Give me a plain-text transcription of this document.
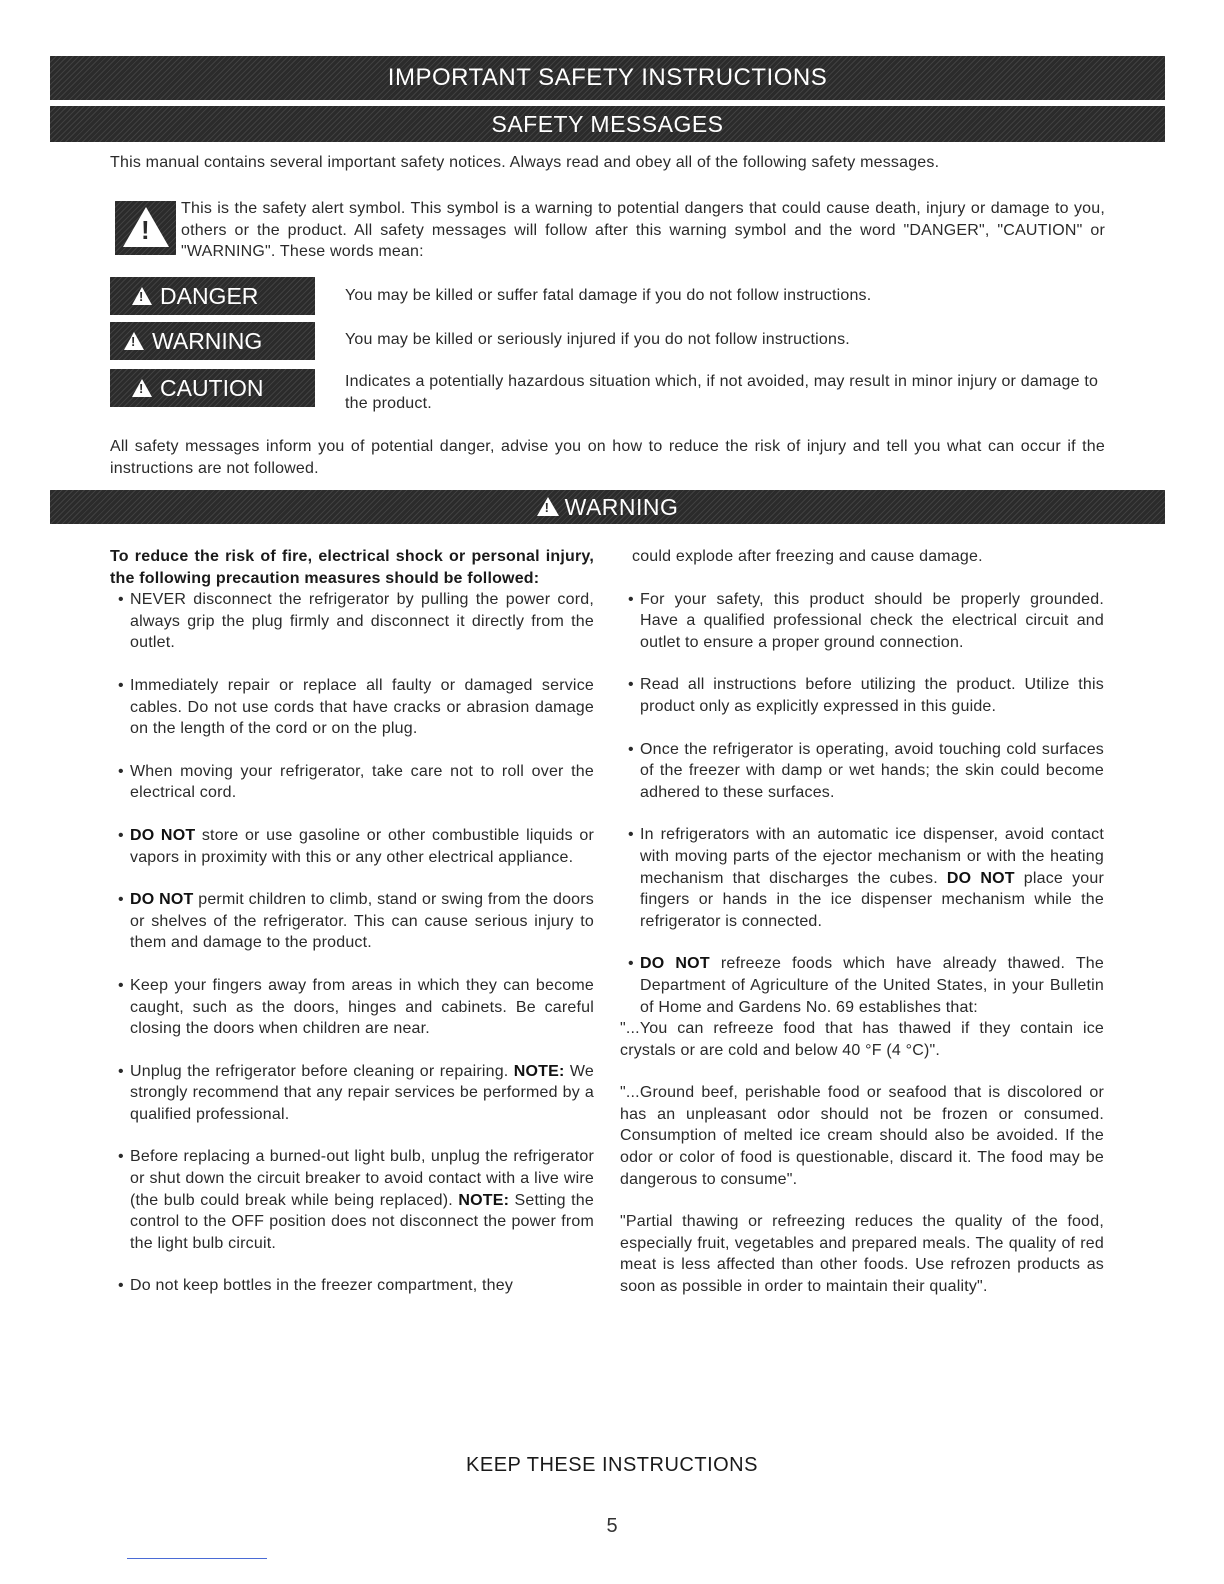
IMPORTANT SAFETY INSTRUCTIONS
SAFETY MESSAGES
This manual contains several important safety notices. Always read and obey all of the following safety messages.
!
This is the safety alert symbol. This symbol is a warning to potential dangers that could cause death, injury or damage to you, others or the product. All safety messages will follow after this warning symbol and the word "DANGER", "CAUTION" or "WARNING". These words mean:
!DANGER	You may be killed or suffer fatal damage if you do not follow instructions.
!WARNING	You may be killed or seriously injured if you do not follow instructions.
!CAUTION	Indicates a potentially hazardous situation which, if not avoided, may result in minor injury or damage to the product.
All safety messages inform you of potential danger, advise you on how to reduce the risk of injury and tell you what can occur if the instructions are not followed.
!WARNING

To reduce the risk of fire, electrical shock or personal injury, the following precaution measures should be followed:

• NEVER disconnect the refrigerator by pulling the power cord, always grip the plug firmly and disconnect it directly from the outlet.

• Immediately repair or replace all faulty or damaged service cables. Do not use cords that have cracks or abrasion damage on the length of the cord or on the plug.

• When moving your refrigerator, take care not to roll over the electrical cord.

• DO NOT store or use gasoline or other combustible liquids or vapors in proximity with this or any other electrical appliance.

• DO NOT permit children to climb, stand or swing from the doors or shelves of the refrigerator. This can cause serious injury to them and damage to the product.

• Keep your fingers away from areas in which they can become caught, such as the doors, hinges and cabinets. Be careful closing the doors when children are near.

• Unplug the refrigerator before cleaning or repairing. NOTE: We strongly recommend that any repair services be performed by a qualified professional.

• Before replacing a burned-out light bulb, unplug the refrigerator or shut down the circuit breaker to avoid contact with a live wire (the bulb could break while being replaced). NOTE: Setting the control to the OFF position does not disconnect the power from the light bulb circuit.

• Do not keep bottles in the freezer compartment, they

could explode after freezing and cause damage.

• For your safety, this product should be properly grounded. Have a qualified professional check the electrical circuit and outlet to ensure a proper ground connection.

• Read all instructions before utilizing the product. Utilize this product only as explicitly expressed in this guide.

• Once the refrigerator is operating, avoid touching cold surfaces of the freezer with damp or wet hands; the skin could become adhered to these surfaces.

• In refrigerators with an automatic ice dispenser, avoid contact with moving parts of the ejector mechanism or with the heating mechanism that discharges the cubes. DO NOT place your fingers or hands in the ice dispenser mechanism while the refrigerator is connected.

• DO NOT refreeze foods which have already thawed. The Department of Agriculture of the United States, in your Bulletin of Home and Gardens No. 69 establishes that:

"...You can refreeze food that has thawed if they contain ice crystals or are cold and below 40 °F (4 °C)".

"...Ground beef, perishable food or seafood that is discolored or has an unpleasant odor should not be frozen or consumed. Consumption of melted ice cream should also be avoided. If the odor or color of food is questionable, discard it. The food may be dangerous to consume".

"Partial thawing or refreezing reduces the quality of the food, especially fruit, vegetables and prepared meals. The quality of red meat is less affected than other foods. Use refrozen products as soon as possible in order to maintain their quality".

KEEP THESE INSTRUCTIONS
5
